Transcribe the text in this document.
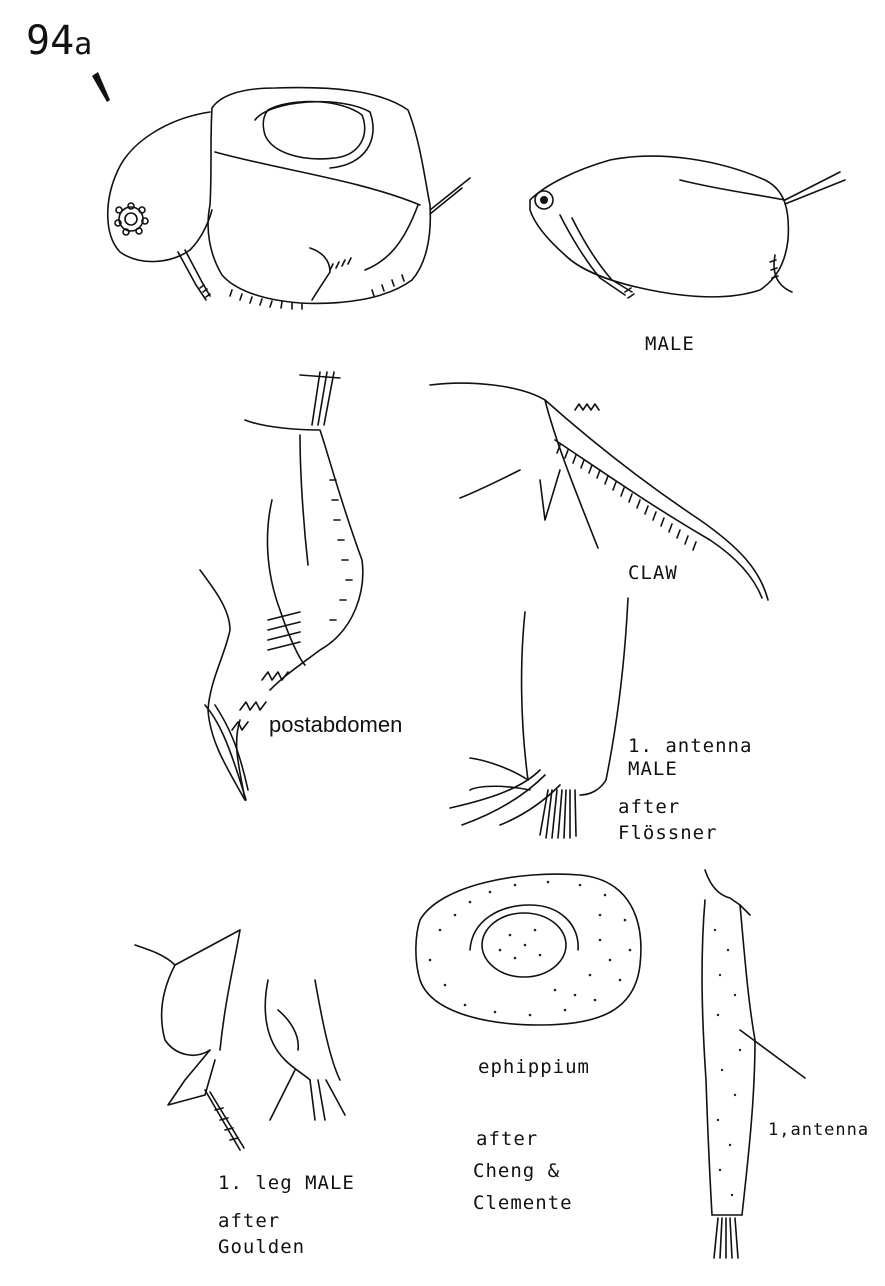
94a
MALE
CLAW
postabdomen
1. antenna
MALE
after
Flössner
ephippium
after
Cheng &
Clemente
1,antenna
1. leg MALE
after
Goulden
